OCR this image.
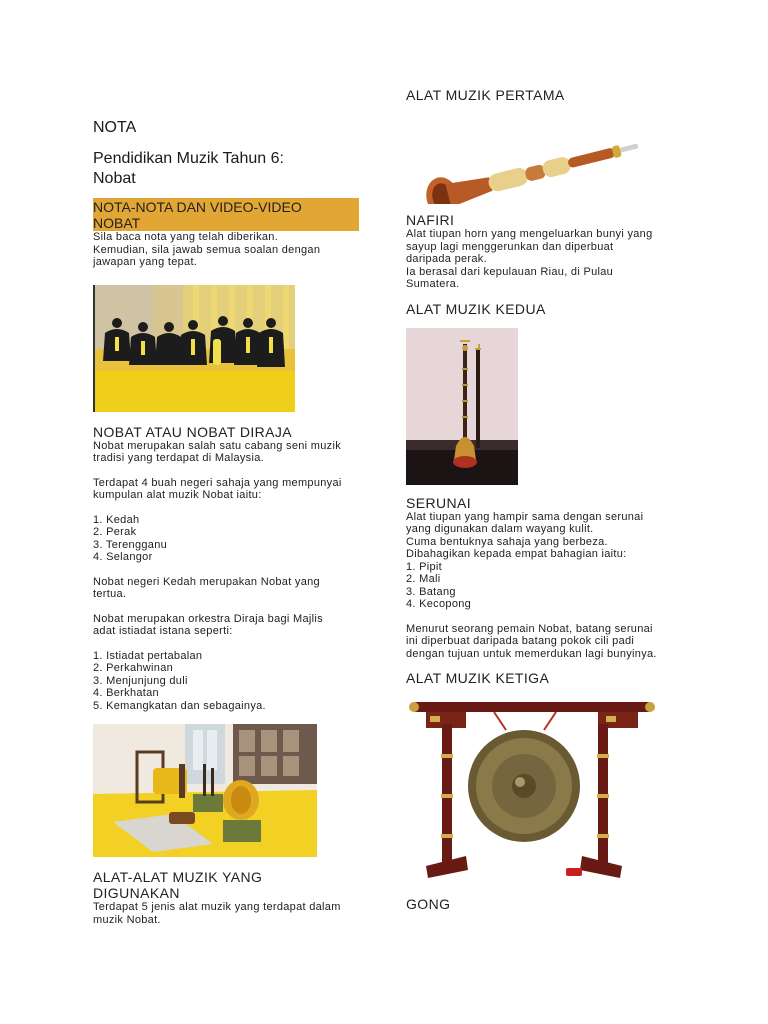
NOTA

Pendidikan Muzik Tahun 6:

Nobat

NOTA-NOTA DAN VIDEO-VIDEO
NOBAT

Sila baca nota yang telah diberikan.

Kemudian, sila jawab semua soalan dengan

jawapan yang tepat.

NOBAT ATAU NOBAT DIRAJA

Nobat merupakan salah satu cabang seni muzik

tradisi yang terdapat di Malaysia.

Terdapat 4 buah negeri sahaja yang mempunyai

kumpulan alat muzik Nobat iaitu:

1. Kedah

2. Perak

3. Terengganu

4. Selangor

Nobat negeri Kedah merupakan Nobat yang

tertua.

Nobat merupakan orkestra Diraja bagi Majlis

adat istiadat istana seperti:

1. Istiadat pertabalan

2. Perkahwinan

3. Menjunjung duli

4. Berkhatan

5. Kemangkatan dan sebagainya.

ALAT-ALAT MUZIK YANG

DIGUNAKAN

Terdapat 5 jenis alat muzik yang terdapat dalam

muzik Nobat.

ALAT MUZIK PERTAMA

NAFIRI

Alat tiupan horn yang mengeluarkan bunyi yang

sayup lagi menggerunkan dan diperbuat

daripada perak.

Ia berasal dari kepulauan Riau, di Pulau

Sumatera.

ALAT MUZIK KEDUA

SERUNAI

Alat tiupan yang hampir sama dengan serunai

yang digunakan dalam wayang kulit.

Cuma bentuknya sahaja yang berbeza.

Dibahagikan kepada empat bahagian iaitu:

1. Pipit

2. Mali

3. Batang

4. Kecopong

Menurut seorang pemain Nobat, batang serunai

ini diperbuat daripada batang pokok cili padi

dengan tujuan untuk memerdukan lagi bunyinya.

ALAT MUZIK KETIGA

GONG
